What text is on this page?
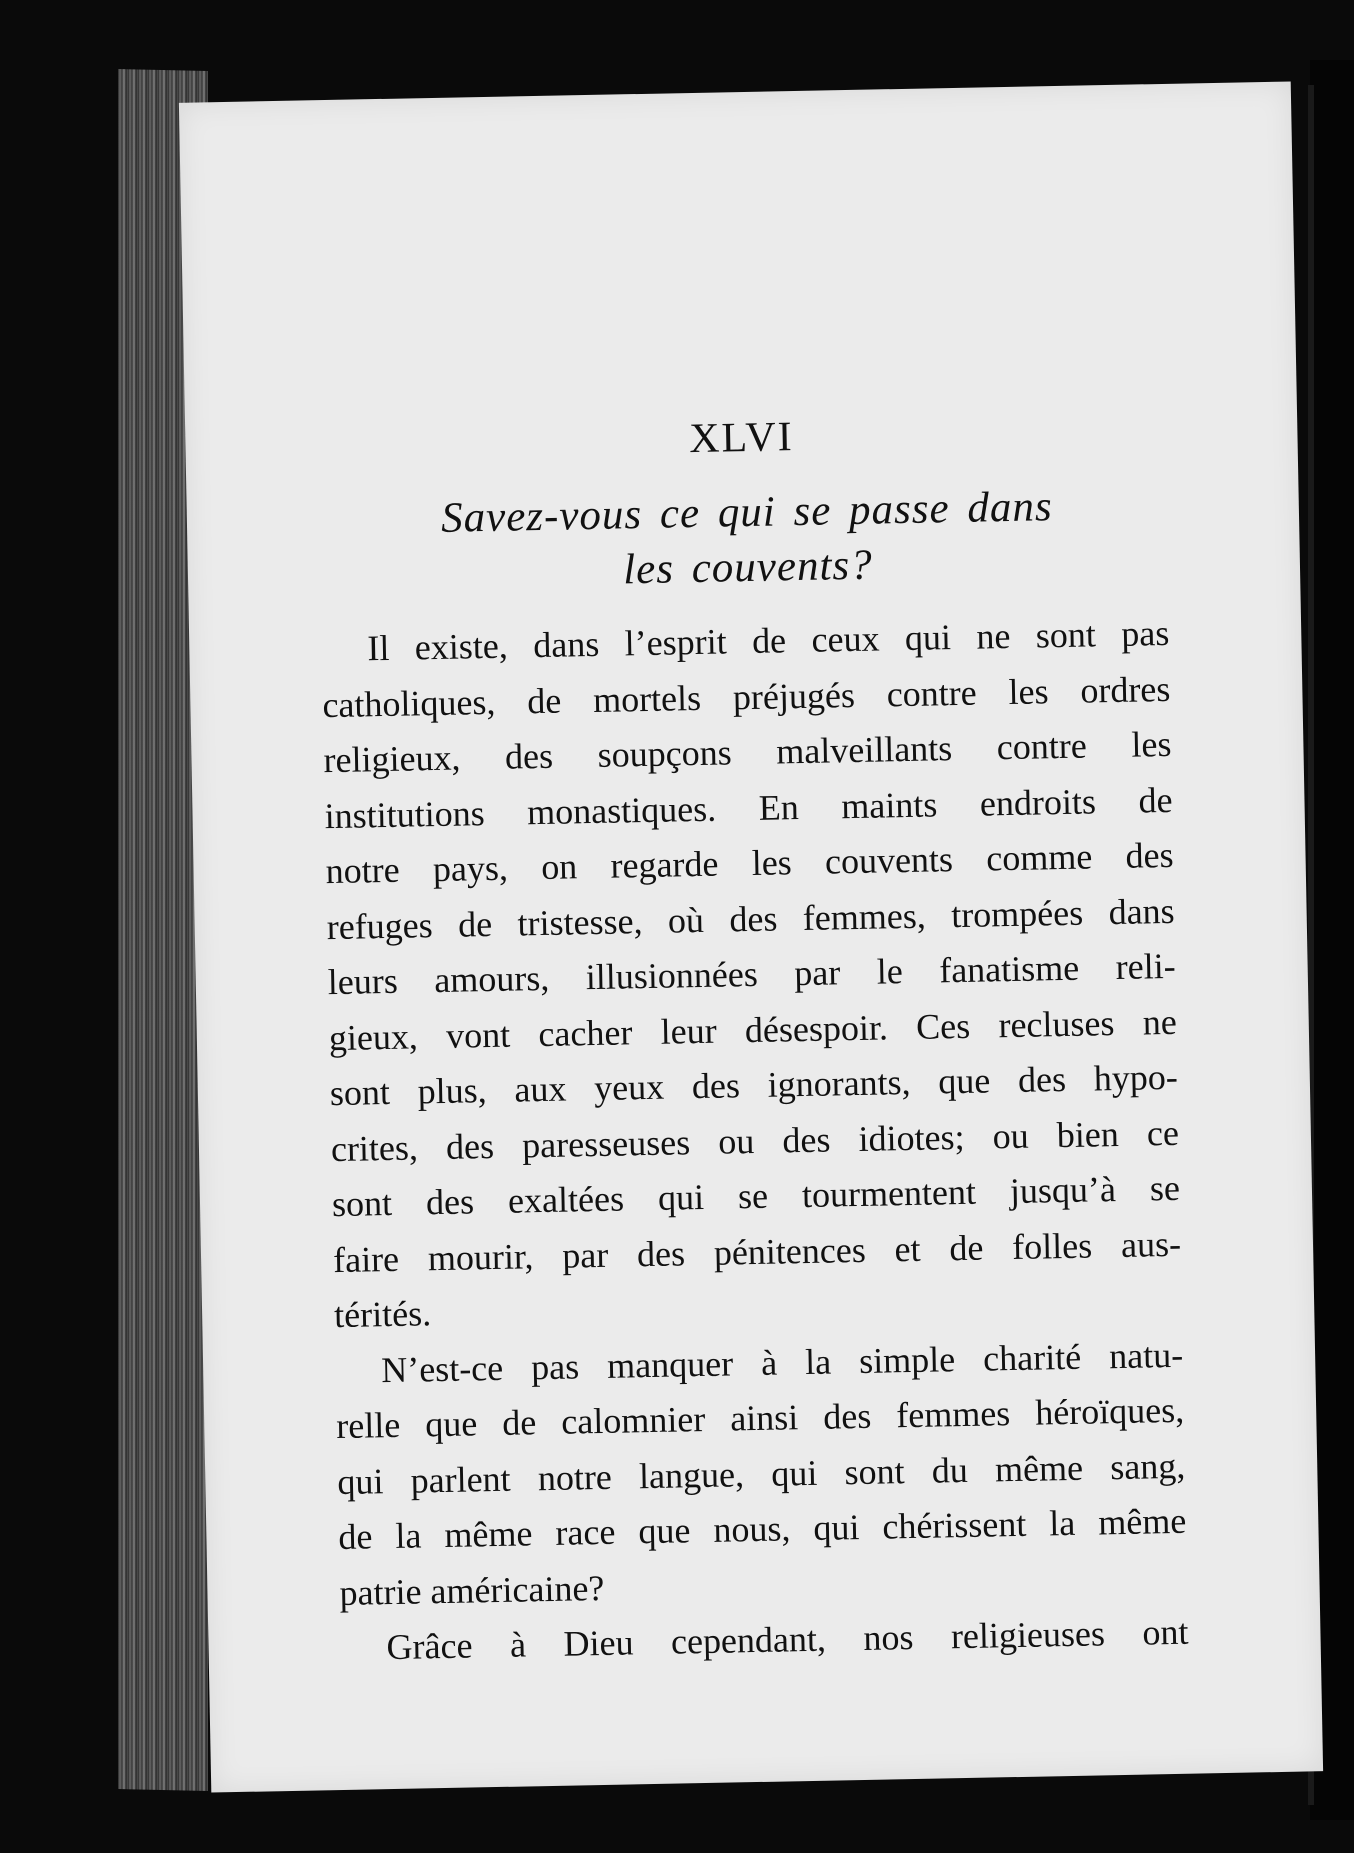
XLVI
Savez-vous ce qui se passe dans
les couvents?
Il existe, dans l’esprit de ceux qui ne sont pas
catholiques, de mortels préjugés contre les ordres
religieux, des soupçons malveillants contre les
institutions monastiques. En maints endroits de
notre pays, on regarde les couvents comme des
refuges de tristesse, où des femmes, trompées dans
leurs amours, illusionnées par le fanatisme reli-
gieux, vont cacher leur désespoir. Ces recluses ne
sont plus, aux yeux des ignorants, que des hypo-
crites, des paresseuses ou des idiotes; ou bien ce
sont des exaltées qui se tourmentent jusqu’à se
faire mourir, par des pénitences et de folles aus-
térités.
N’est-ce pas manquer à la simple charité natu-
relle que de calomnier ainsi des femmes héroïques,
qui parlent notre langue, qui sont du même sang,
de la même race que nous, qui chérissent la même
patrie américaine?
Grâce à Dieu cependant, nos religieuses ont
